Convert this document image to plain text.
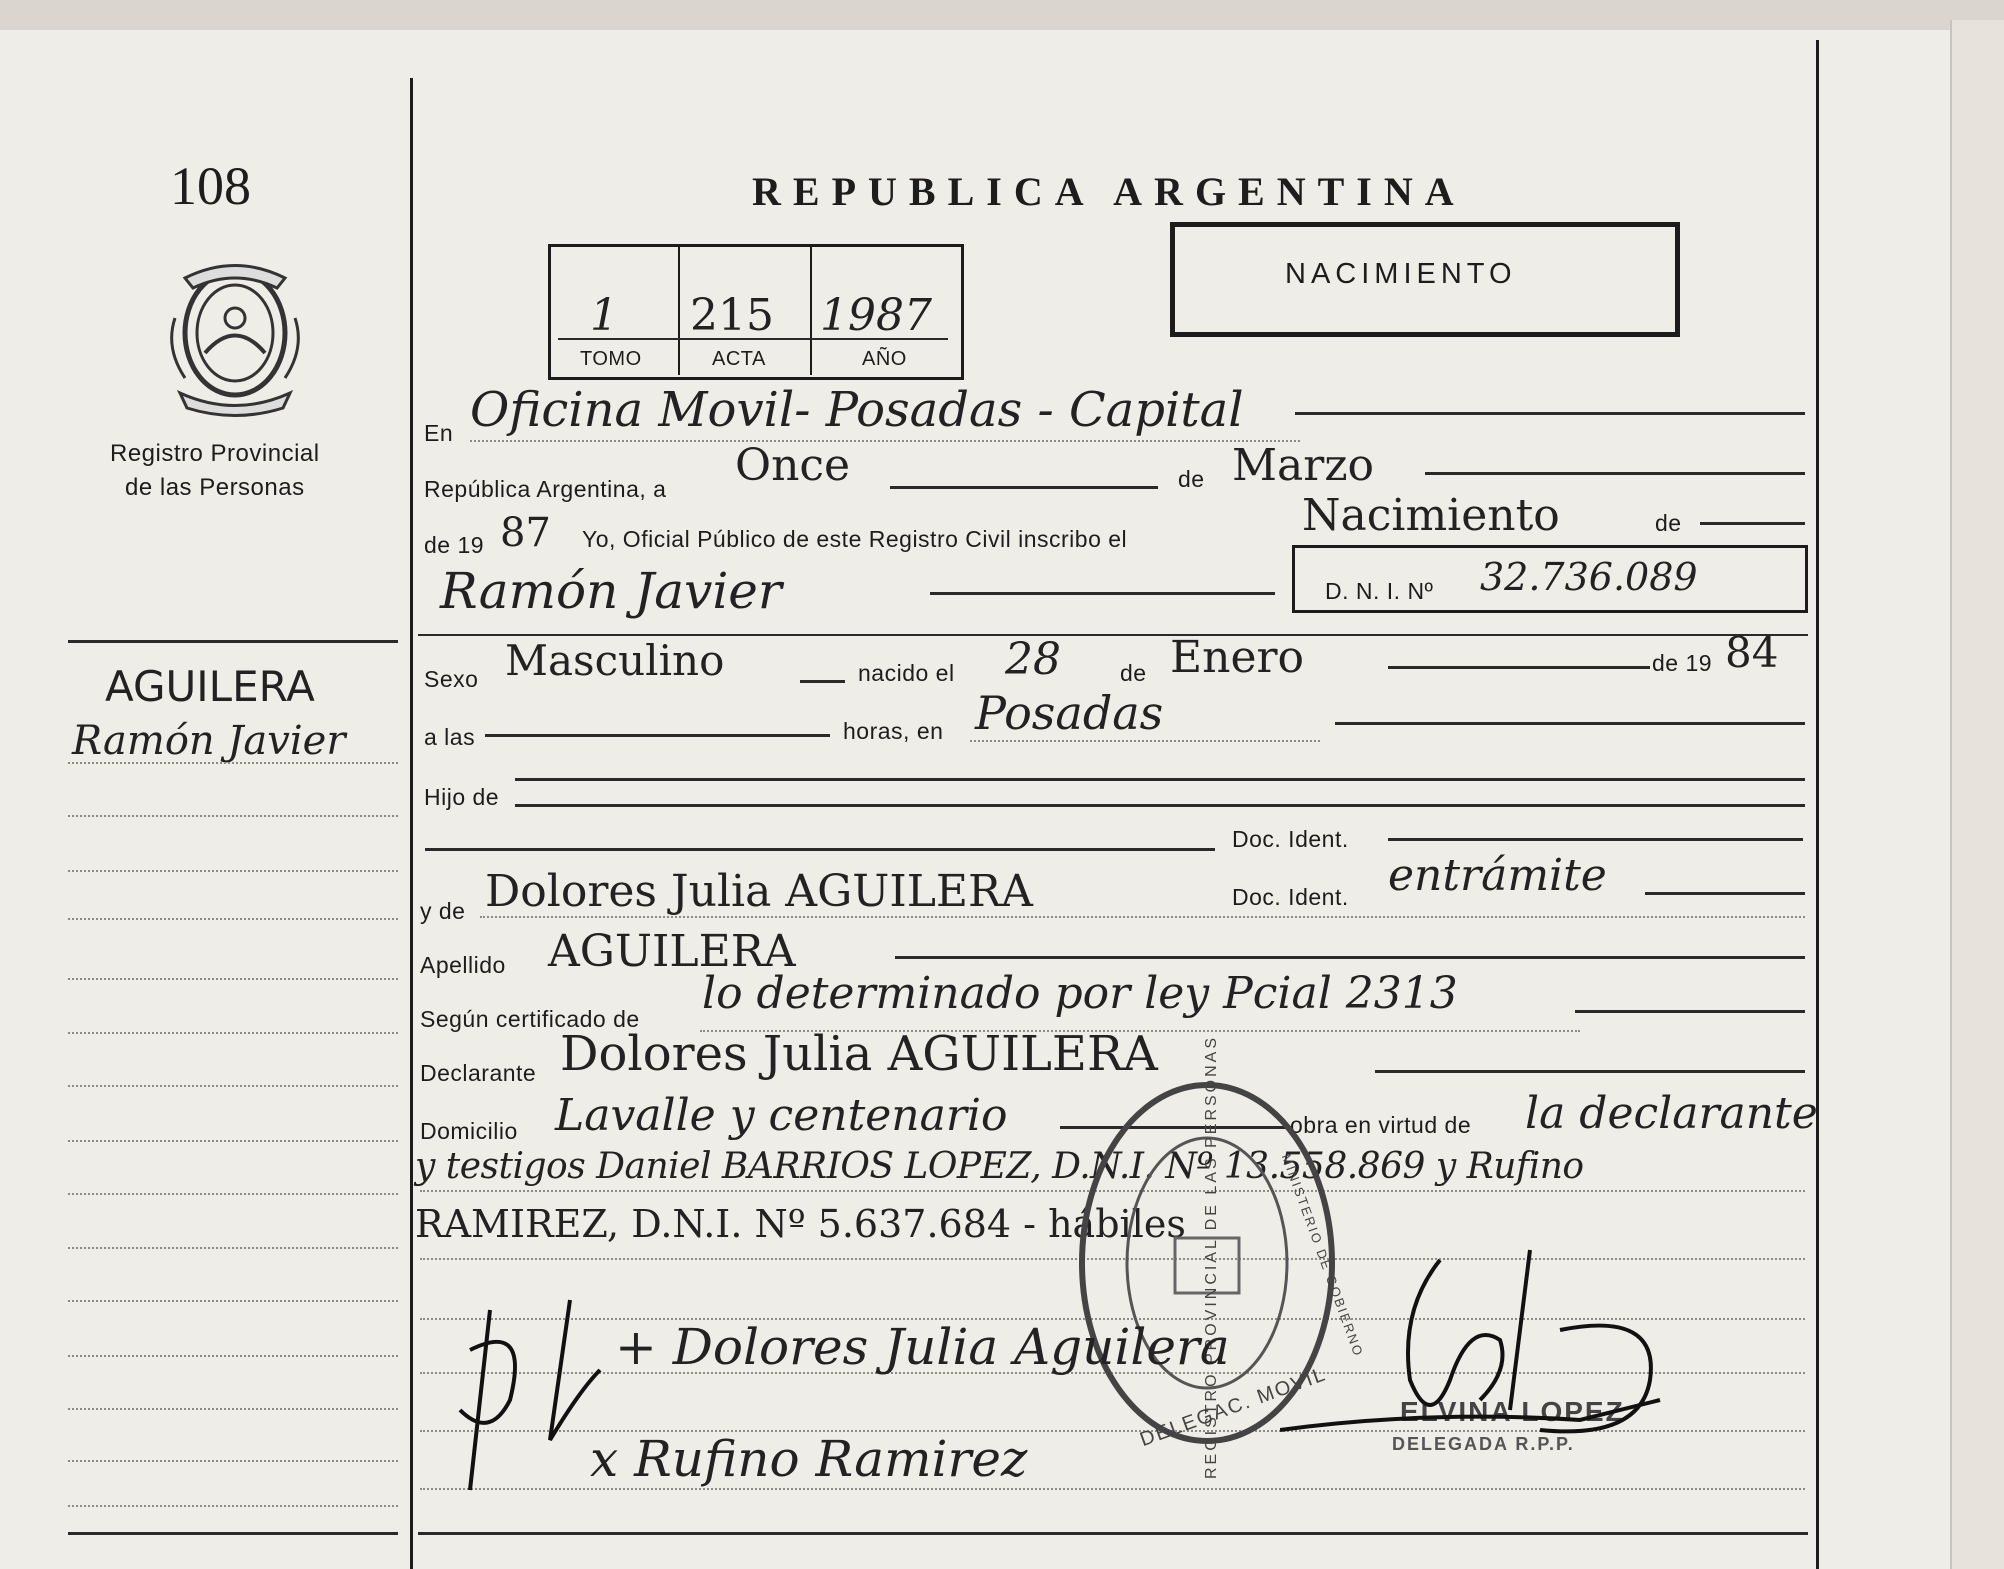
108
Registro Provincial
de las Personas
AGUILERA
Ramón Javier
REPUBLICA ARGENTINA
1 215 1987
TOMO	ACTA	AÑO
NACIMIENTO
En Oficina Movil- Posadas - Capital
República Argentina, a Once	de Marzo
de 19 87 Yo, Oficial Público de este Registro Civil inscribo el	Nacimiento	de
Ramón Javier	D. N. I. Nº 32.736.089
Sexo Masculino	nacido el 28	de Enero	de 19 84
a las	horas, en Posadas
Hijo de
Doc. Ident.
y de Dolores Julia AGUILERA	Doc. Ident. entrámite
Apellido AGUILERA
Según certificado de lo determinado por ley Pcial 2313
Declarante Dolores Julia AGUILERA
Domicilio Lavalle y centenario	obra en virtud de la declarante
y testigos Daniel BARRIOS LOPEZ, D.N.I. Nº 13.558.869 y Rufino
RAMIREZ, D.N.I. Nº 5.637.684 - hábiles REGISTRO PROVINCIAL DE LAS PERSONAS	MINISTERIO DE GOBIERNO
DELEGAC. MOVIL	ELVINA LOPEZ
DELEGADA R.P.P.
+ Dolores Julia Aguilera
x Rufino Ramirez
